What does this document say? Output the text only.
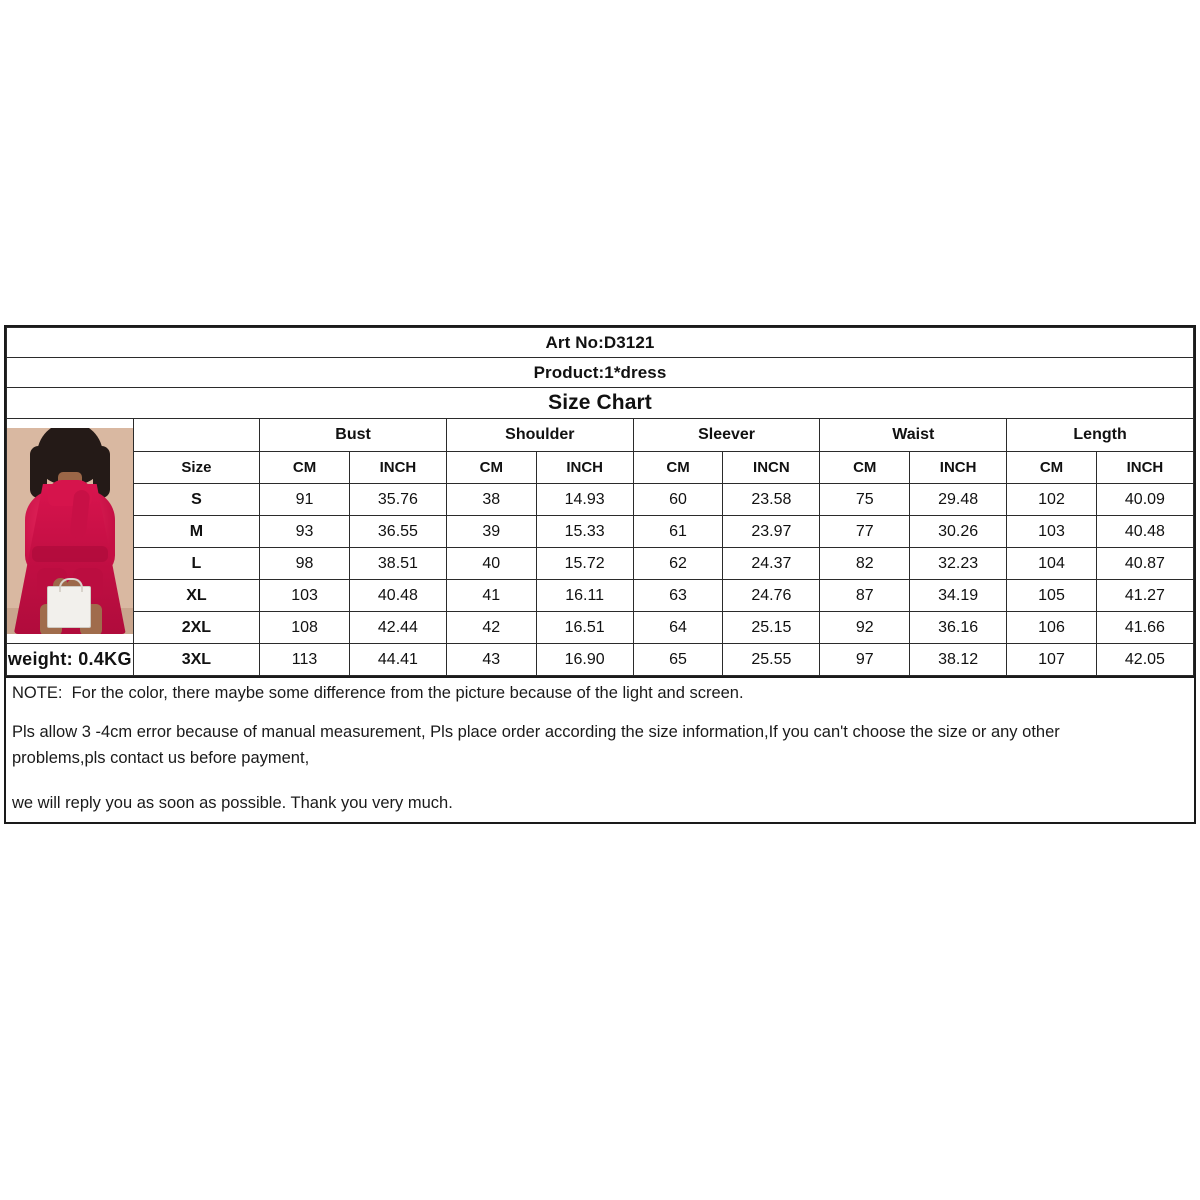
Art No:D3121											
Product:1*dress											
Size Chart											

		Bust		Shoulder		Sleever		Waist		Length	
	Size	CM	INCH	CM	INCH	CM	INCN	CM	INCH	CM	INCH
	S	91	35.76	38	14.93	60	23.58	75	29.48	102	40.09
	M	93	36.55	39	15.33	61	23.97	77	30.26	103	40.48
	L	98	38.51	40	15.72	62	24.37	82	32.23	104	40.87
	XL	103	40.48	41	16.11	63	24.76	87	34.19	105	41.27
	2XL	108	42.44	42	16.51	64	25.15	92	36.16	106	41.66
weight: 0.4KG	3XL	113	44.41	43	16.90	65	25.55	97	38.12	107	42.05

NOTE:  For the color, there maybe some difference from the picture because of the light and screen.

Pls allow 3 -4cm error because of manual measurement, Pls place order according the size information,If you can't choose the size or any other

problems,pls contact us before payment,

we will reply you as soon as possible. Thank you very much.
